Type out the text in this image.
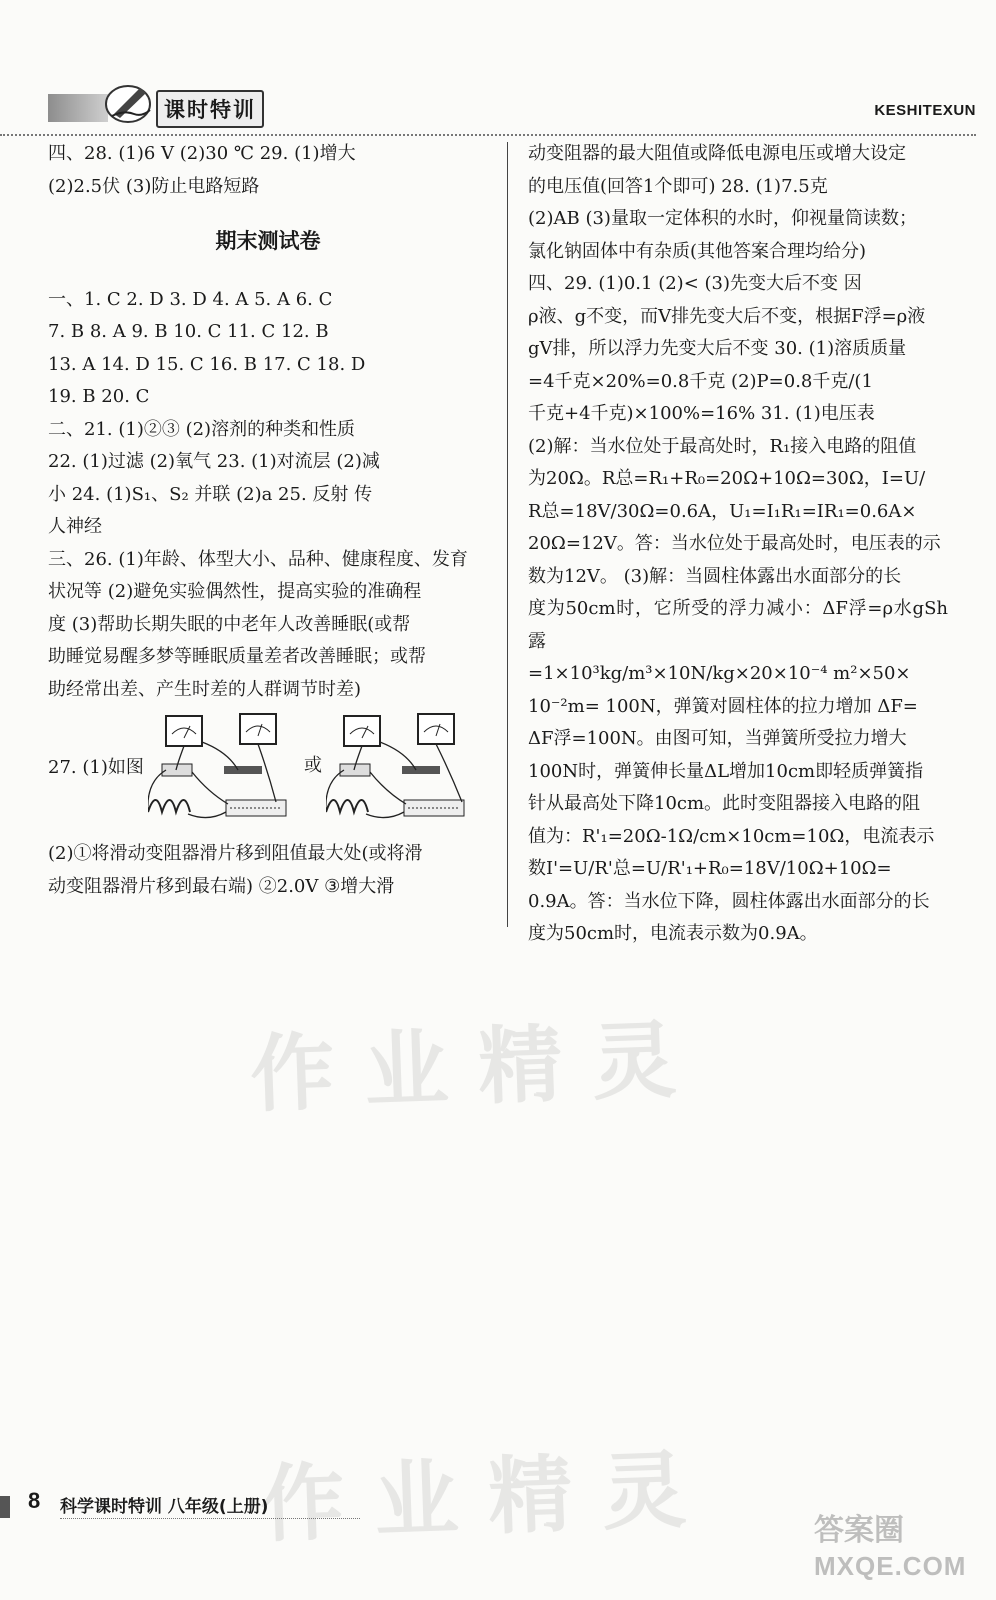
课时特训	KESHITEXUN

四、28. (1)6 V (2)30 ℃ 29. (1)增大

(2)2.5伏 (3)防止电路短路

期末测试卷

一、1. C 2. D 3. D 4. A 5. A 6. C

7. B 8. A 9. B 10. C 11. C 12. B

13. A 14. D 15. C 16. B 17. C 18. D

19. B 20. C

二、21. (1)②③ (2)溶剂的种类和性质

22. (1)过滤 (2)氧气 23. (1)对流层 (2)减

小 24. (1)S₁、S₂ 并联 (2)a 25. 反射 传

人神经

三、26. (1)年龄、体型大小、品种、健康程度、发育

状况等 (2)避免实验偶然性，提高实验的准确程

度 (3)帮助长期失眠的中老年人改善睡眠(或帮

助睡觉易醒多梦等睡眠质量差者改善睡眠；或帮

助经常出差、产生时差的人群调节时差)

27. (1)如图	或

(2)①将滑动变阻器滑片移到阻值最大处(或将滑

动变阻器滑片移到最右端) ②2.0V ③增大滑

动变阻器的最大阻值或降低电源电压或增大设定

的电压值(回答1个即可) 28. (1)7.5克

(2)AB (3)量取一定体积的水时，仰视量筒读数；

氯化钠固体中有杂质(其他答案合理均给分)

四、29. (1)0.1 (2)< (3)先变大后不变 因

ρ液、g不变，而V排先变大后不变，根据F浮=ρ液

gV排，所以浮力先变大后不变 30. (1)溶质质量

=4千克×20%=0.8千克 (2)P=0.8千克/(1

千克+4千克)×100%=16% 31. (1)电压表

(2)解：当水位处于最高处时，R₁接入电路的阻值

为20Ω。R总=R₁+R₀=20Ω+10Ω=30Ω，I=U/

R总=18V/30Ω=0.6A，U₁=I₁R₁=IR₁=0.6A×

20Ω=12V。答：当水位处于最高处时，电压表的示

数为12V。 (3)解：当圆柱体露出水面部分的长

度为50cm时，它所受的浮力减小：ΔF浮=ρ水gSh露

=1×10³kg/m³×10N/kg×20×10⁻⁴ m²×50×

10⁻²m= 100N，弹簧对圆柱体的拉力增加 ΔF=

ΔF浮=100N。由图可知，当弹簧所受拉力增大

100N时，弹簧伸长量ΔL增加10cm即轻质弹簧指

针从最高处下降10cm。此时变阻器接入电路的阻

值为：R'₁=20Ω-1Ω/cm×10cm=10Ω，电流表示

数I'=U/R'总=U/R'₁+R₀=18V/10Ω+10Ω=

0.9A。答：当水位下降，圆柱体露出水面部分的长

度为50cm时，电流表示数为0.9A。

作业精灵
作业精灵
8 科学课时特训 八年级(上册)
答案圈
MXQE.COM
